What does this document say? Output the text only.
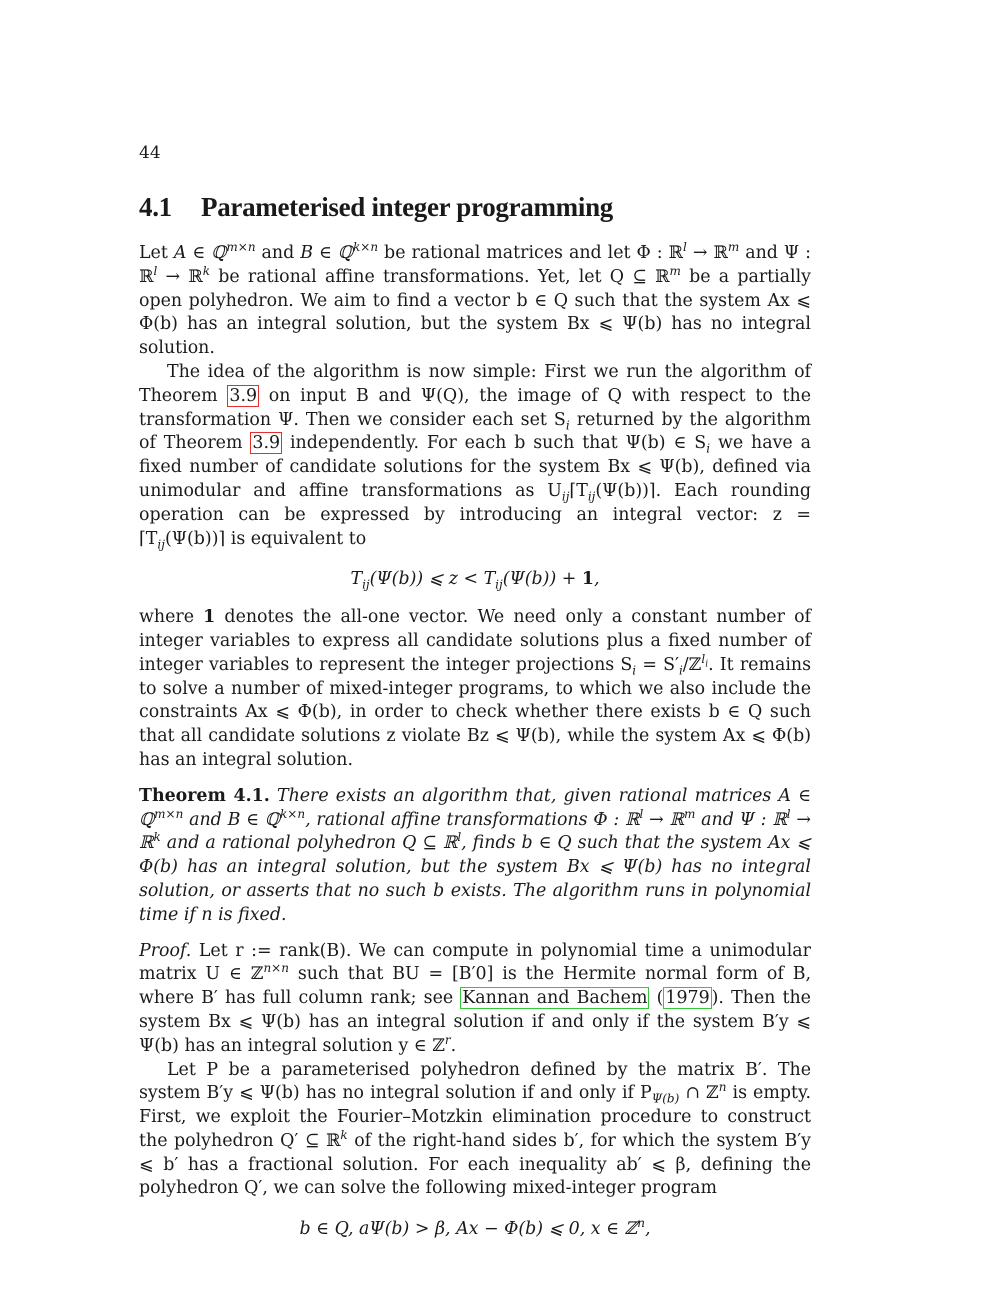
44
4.1 Parameterised integer programming

Let A ∈ ℚ$^{m\times n}$ and B ∈ ℚ$^{k\times n}$ be rational matrices and let Φ : ℝ$^l$ → ℝ$^m$ and Ψ : ℝ$^l$ → ℝ$^k$ be rational affine transformations. Yet, let Q ⊆ ℝ$^m$ be a partially open polyhedron. We aim to find a vector b ∈ Q such that the system Ax ⩽ Φ(b) has an integral solution, but the system Bx ⩽ Ψ(b) has no integral solution.

The idea of the algorithm is now simple: First we run the algorithm of Theorem 3.9 on input B and Ψ(Q), the image of Q with respect to the transformation Ψ. Then we consider each set $S_i$ returned by the algorithm of Theorem 3.9 independently. For each b such that Ψ(b) ∈ $S_i$ we have a fixed number of candidate solutions for the system Bx ⩽ Ψ(b), defined via unimodular and affine transformations as $U_{ij}⌈T_{ij}(\Psi(b))⌉$. Each rounding operation can be expressed by introducing an integral vector: $z = ⌈T_{ij}(\Psi(b))⌉$ is equivalent to

$T_{ij}(\Psi(b))$ ⩽ $z < T_{ij}(\Psi(b)) + 1$,

where 1 denotes the all-one vector. We need only a constant number of integer variables to express all candidate solutions plus a fixed number of integer variables to represent the integer projections $S_i$ = $S'_i/ℤ^{l_i}$. It remains to solve a number of mixed-integer programs, to which we also include the constraints Ax ⩽ Φ(b), in order to check whether there exists b ∈ Q such that all candidate solutions z violate Bz ⩽ Ψ(b), while the system Ax ⩽ Φ(b) has an integral solution.

Theorem 4.1. There exists an algorithm that, given rational matrices A ∈ ℚ$^{m\times n}$ and B ∈ ℚ$^{k\times n}$, rational affine transformations Φ : ℝ$^l$ → ℝ$^m$ and Ψ : ℝ$^l$ → ℝ$^k$ and a rational polyhedron Q ⊆ ℝ$^l$, finds b ∈ Q such that the system Ax ⩽ Φ(b) has an integral solution, but the system Bx ⩽ Ψ(b) has no integral solution, or asserts that no such b exists. The algorithm runs in polynomial time if n is fixed.

Proof. Let r := rank(B). We can compute in polynomial time a unimodular matrix U ∈ ℤ$^{n\times n}$ such that BU = [B′0] is the Hermite normal form of B, where B′ has full column rank; see Kannan and Bachem ( 1979 ). Then the system Bx ⩽ Ψ(b) has an integral solution if and only if the system B′y ⩽ Ψ(b) has an integral solution y ∈ ℤ$^r$.

Let P be a parameterised polyhedron defined by the matrix B′. The system B′y ⩽ Ψ(b) has no integral solution if and only if $P_{\Psi(b)}$ ∩ ℤ$^n$ is empty. First, we exploit the Fourier–Motzkin elimination procedure to construct the polyhedron Q′ ⊆ ℝ$^k$ of the right-hand sides b′, for which the system B′y ⩽ b′ has a fractional solution. For each inequality ab′ ⩽ β, defining the polyhedron Q′, we can solve the following mixed-integer program

b ∈ Q, aΨ(b) > β, Ax − Φ(b) ⩽ 0, x ∈ ℤ$^n$,
